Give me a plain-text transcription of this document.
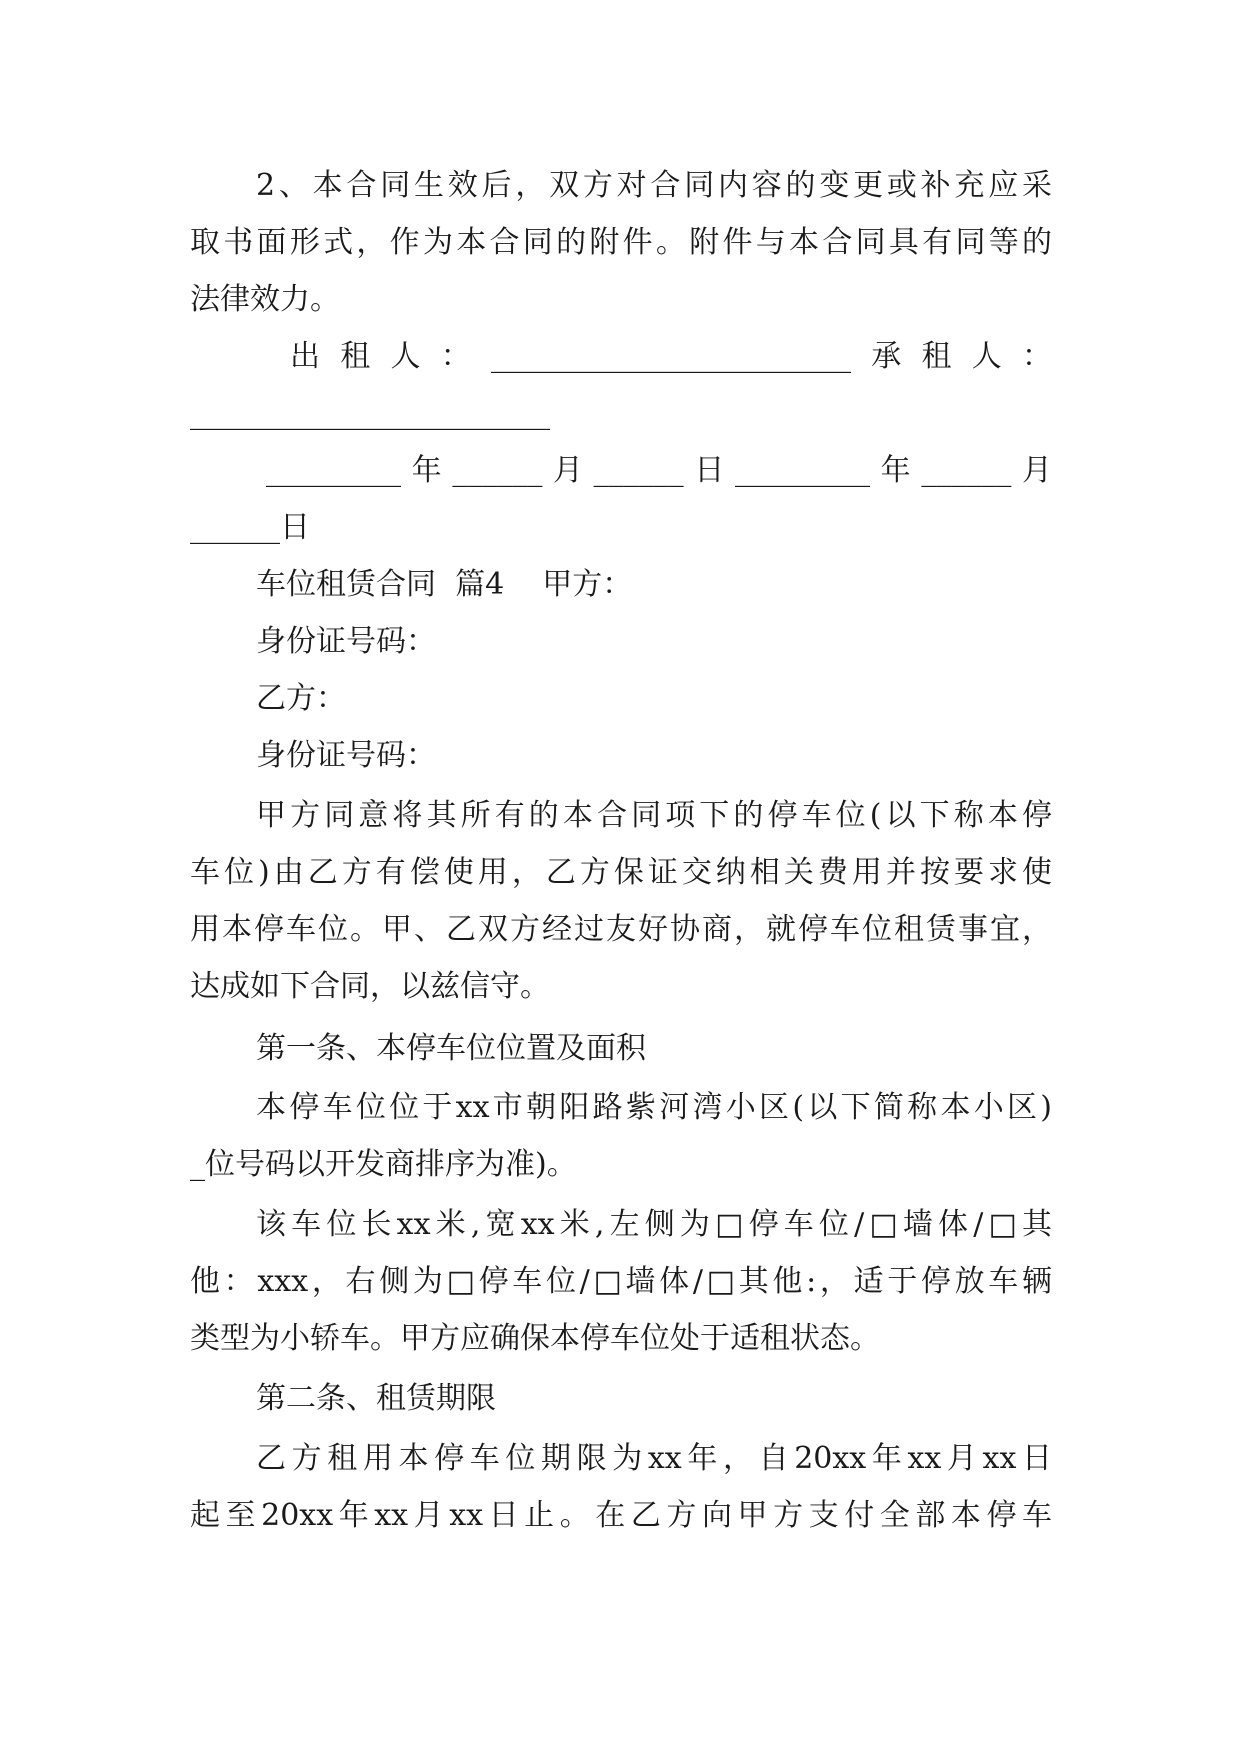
2、本合同生效后，双方对合同内容的变更或补充应采
取书面形式，作为本合同的附件。附件与本合同具有同等的
法律效力。
出租人：________________________承租人：
________________________
_________年______月______日_________年______月
______日
车位租赁合同  篇4    甲方：
身份证号码：
乙方：
身份证号码：
甲方同意将其所有的本合同项下的停车位(以下称本停
车位)由乙方有偿使用，乙方保证交纳相关费用并按要求使
用本停车位。甲、乙双方经过友好协商，就停车位租赁事宜，
达成如下合同，以兹信守。
第一条、本停车位位置及面积
本停车位位于xx市朝阳路紫河湾小区(以下简称本小区)
_位号码以开发商排序为准)。
该车位长xx米,宽xx米,左侧为□停车位/□墙体/□其
他：xxx，右侧为□停车位/□墙体/□其他:，适于停放车辆
类型为小轿车。甲方应确保本停车位处于适租状态。
第二条、租赁期限
乙方租用本停车位期限为xx年，自20xx年xx月xx日
起至20xx年xx月xx日止。在乙方向甲方支付全部本停车
